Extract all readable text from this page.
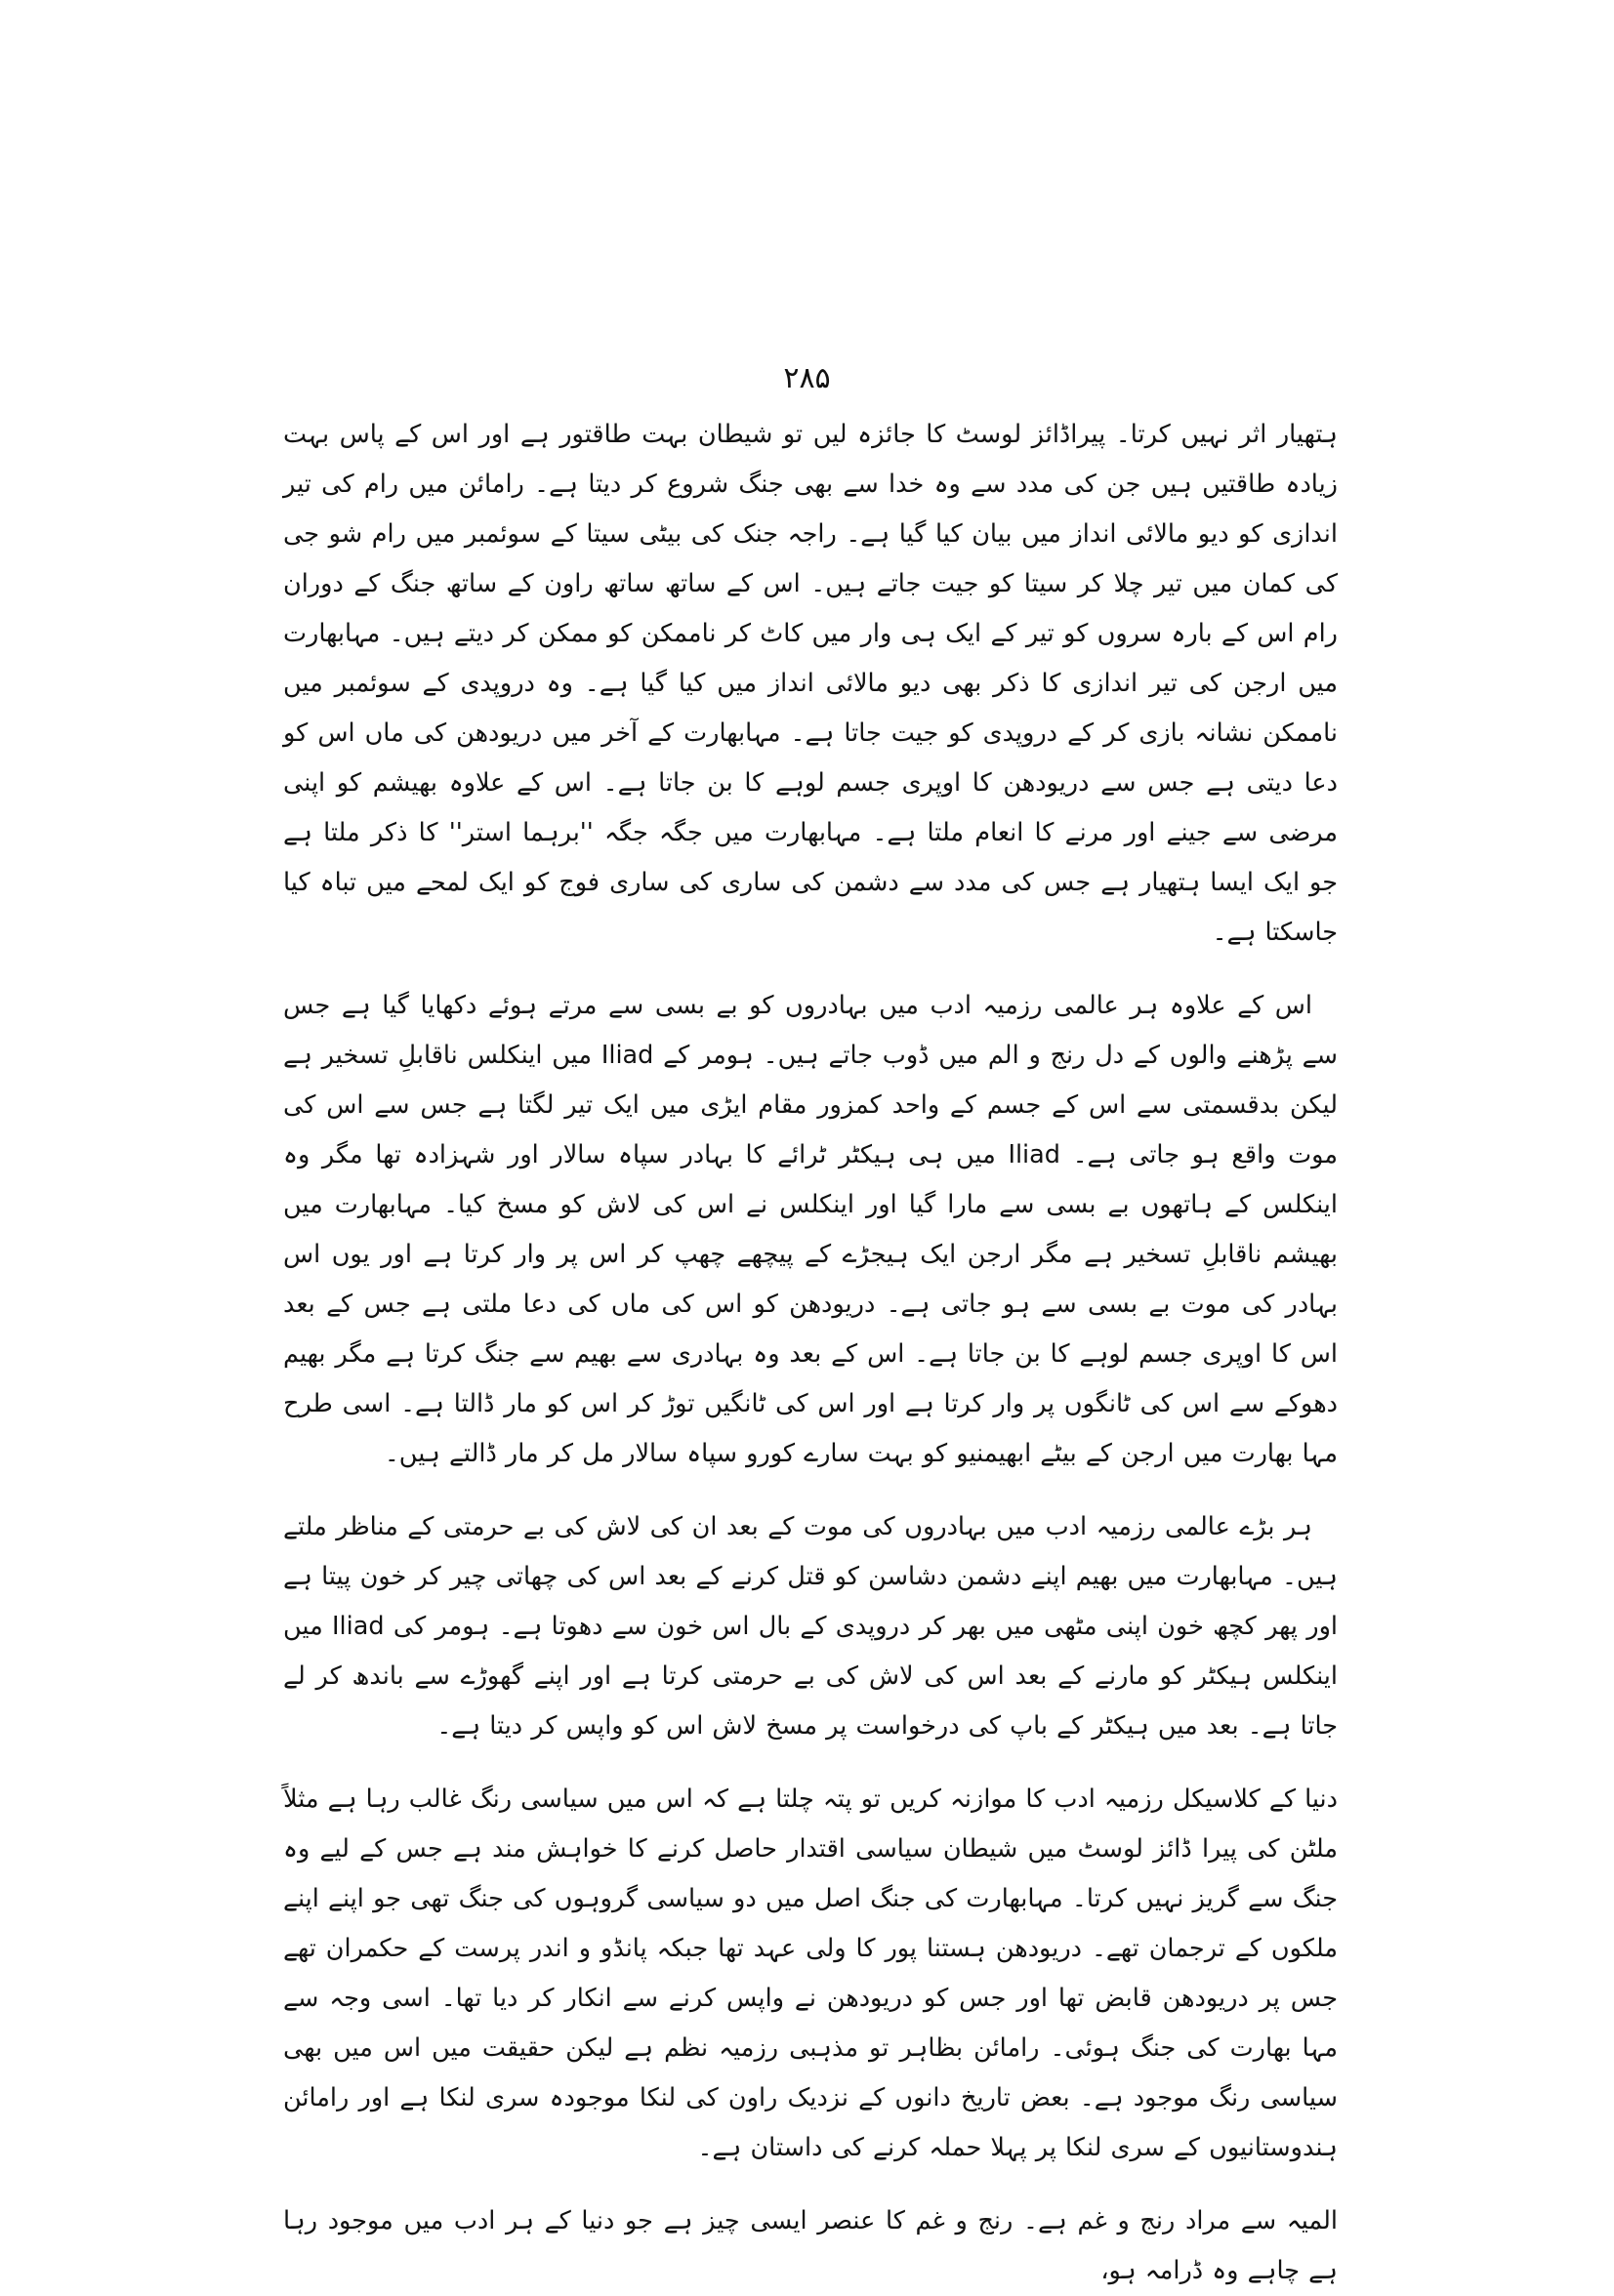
۲۸۵

ہتھیار اثر نہیں کرتا۔ پیراڈائز لوسٹ کا جائزہ لیں تو شیطان بہت طاقتور ہے اور اس کے پاس بہت زیادہ طاقتیں ہیں جن کی مدد سے وہ خدا سے بھی جنگ شروع کر دیتا ہے۔ رامائن میں رام کی تیر اندازی کو دیو مالائی انداز میں بیان کیا گیا ہے۔ راجہ جنک کی بیٹی سیتا کے سوئمبر میں رام شو جی کی کمان میں تیر چلا کر سیتا کو جیت جاتے ہیں۔ اس کے ساتھ ساتھ راون کے ساتھ جنگ کے دوران رام اس کے بارہ سروں کو تیر کے ایک ہی وار میں کاٹ کر ناممکن کو ممکن کر دیتے ہیں۔ مہابھارت میں ارجن کی تیر اندازی کا ذکر بھی دیو مالائی انداز میں کیا گیا ہے۔ وہ دروپدی کے سوئمبر میں ناممکن نشانہ بازی کر کے دروپدی کو جیت جاتا ہے۔ مہابھارت کے آخر میں دریودھن کی ماں اس کو دعا دیتی ہے جس سے دریودھن کا اوپری جسم لوہے کا بن جاتا ہے۔ اس کے علاوہ بھیشم کو اپنی مرضی سے جینے اور مرنے کا انعام ملتا ہے۔ مہابھارت میں جگہ جگہ ''برہما استر'' کا ذکر ملتا ہے جو ایک ایسا ہتھیار ہے جس کی مدد سے دشمن کی ساری کی ساری فوج کو ایک لمحے میں تباہ کیا جاسکتا ہے۔

اس کے علاوہ ہر عالمی رزمیہ ادب میں بہادروں کو بے بسی سے مرتے ہوئے دکھایا گیا ہے جس سے پڑھنے والوں کے دل رنج و الم میں ڈوب جاتے ہیں۔ ہومر کے Iliad میں اینکلس ناقابلِ تسخیر ہے لیکن بدقسمتی سے اس کے جسم کے واحد کمزور مقام ایڑی میں ایک تیر لگتا ہے جس سے اس کی موت واقع ہو جاتی ہے۔ Iliad میں ہی ہیکٹر ٹرائے کا بہادر سپاہ سالار اور شہزادہ تھا مگر وہ اینکلس کے ہاتھوں بے بسی سے مارا گیا اور اینکلس نے اس کی لاش کو مسخ کیا۔ مہابھارت میں بھیشم ناقابلِ تسخیر ہے مگر ارجن ایک ہیجڑے کے پیچھے چھپ کر اس پر وار کرتا ہے اور یوں اس بہادر کی موت بے بسی سے ہو جاتی ہے۔ دریودھن کو اس کی ماں کی دعا ملتی ہے جس کے بعد اس کا اوپری جسم لوہے کا بن جاتا ہے۔ اس کے بعد وہ بہادری سے بھیم سے جنگ کرتا ہے مگر بھیم دھوکے سے اس کی ٹانگوں پر وار کرتا ہے اور اس کی ٹانگیں توڑ کر اس کو مار ڈالتا ہے۔ اسی طرح مہا بھارت میں ارجن کے بیٹے ابھیمنیو کو بہت سارے کورو سپاہ سالار مل کر مار ڈالتے ہیں۔

ہر بڑے عالمی رزمیہ ادب میں بہادروں کی موت کے بعد ان کی لاش کی بے حرمتی کے مناظر ملتے ہیں۔ مہابھارت میں بھیم اپنے دشمن دشاسن کو قتل کرنے کے بعد اس کی چھاتی چیر کر خون پیتا ہے اور پھر کچھ خون اپنی مٹھی میں بھر کر دروپدی کے بال اس خون سے دھوتا ہے۔ ہومر کی Iliad میں اینکلس ہیکٹر کو مارنے کے بعد اس کی لاش کی بے حرمتی کرتا ہے اور اپنے گھوڑے سے باندھ کر لے جاتا ہے۔ بعد میں ہیکٹر کے باپ کی درخواست پر مسخ لاش اس کو واپس کر دیتا ہے۔

دنیا کے کلاسیکل رزمیہ ادب کا موازنہ کریں تو پتہ چلتا ہے کہ اس میں سیاسی رنگ غالب رہا ہے مثلاً ملٹن کی پیرا ڈائز لوسٹ میں شیطان سیاسی اقتدار حاصل کرنے کا خواہش مند ہے جس کے لیے وہ جنگ سے گریز نہیں کرتا۔ مہابھارت کی جنگ اصل میں دو سیاسی گروہوں کی جنگ تھی جو اپنے اپنے ملکوں کے ترجمان تھے۔ دریودھن ہستنا پور کا ولی عہد تھا جبکہ پانڈو و اندر پرست کے حکمران تھے جس پر دریودھن قابض تھا اور جس کو دریودھن نے واپس کرنے سے انکار کر دیا تھا۔ اسی وجہ سے مہا بھارت کی جنگ ہوئی۔ رامائن بظاہر تو مذہبی رزمیہ نظم ہے لیکن حقیقت میں اس میں بھی سیاسی رنگ موجود ہے۔ بعض تاریخ دانوں کے نزدیک راون کی لنکا موجودہ سری لنکا ہے اور رامائن ہندوستانیوں کے سری لنکا پر پہلا حملہ کرنے کی داستان ہے۔

المیہ سے مراد رنج و غم ہے۔ رنج و غم کا عنصر ایسی چیز ہے جو دنیا کے ہر ادب میں موجود رہا ہے چاہے وہ ڈرامہ ہو،
